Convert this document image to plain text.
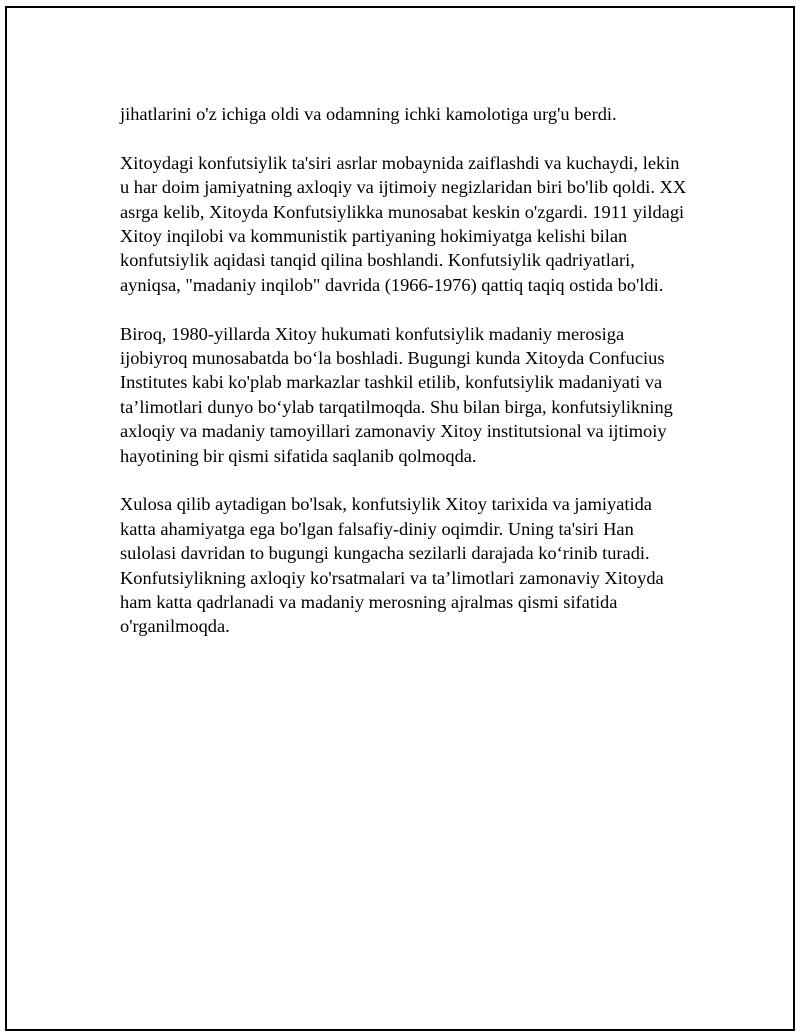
jihatlarini o'z ichiga oldi va odamning ichki kamolotiga urg'u berdi.

Xitoydagi konfutsiylik ta'siri asrlar mobaynida zaiflashdi va kuchaydi, lekin
u har doim jamiyatning axloqiy va ijtimoiy negizlaridan biri bo'lib qoldi. XX
asrga kelib, Xitoyda Konfutsiylikka munosabat keskin o'zgardi. 1911 yildagi
Xitoy inqilobi va kommunistik partiyaning hokimiyatga kelishi bilan
konfutsiylik aqidasi tanqid qilina boshlandi. Konfutsiylik qadriyatlari,
ayniqsa, "madaniy inqilob" davrida (1966-1976) qattiq taqiq ostida bo'ldi.

Biroq, 1980-yillarda Xitoy hukumati konfutsiylik madaniy merosiga
ijobiyroq munosabatda bo‘la boshladi. Bugungi kunda Xitoyda Confucius
Institutes kabi ko'plab markazlar tashkil etilib, konfutsiylik madaniyati va
ta’limotlari dunyo bo‘ylab tarqatilmoqda. Shu bilan birga, konfutsiylikning
axloqiy va madaniy tamoyillari zamonaviy Xitoy institutsional va ijtimoiy
hayotining bir qismi sifatida saqlanib qolmoqda.

Xulosa qilib aytadigan bo'lsak, konfutsiylik Xitoy tarixida va jamiyatida
katta ahamiyatga ega bo'lgan falsafiy-diniy oqimdir. Uning ta'siri Han
sulolasi davridan to bugungi kungacha sezilarli darajada ko‘rinib turadi.
Konfutsiylikning axloqiy ko'rsatmalari va ta’limotlari zamonaviy Xitoyda
ham katta qadrlanadi va madaniy merosning ajralmas qismi sifatida
o'rganilmoqda.
